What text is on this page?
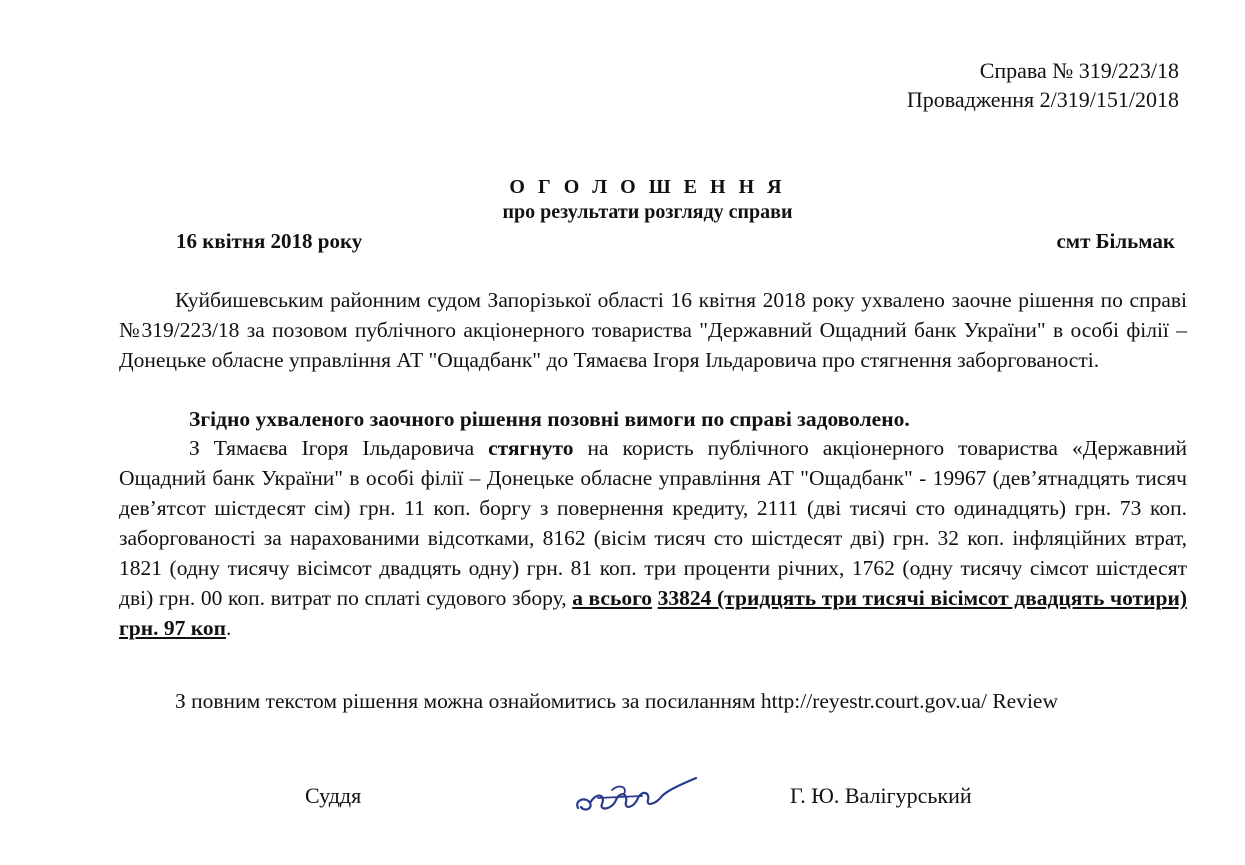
Справа № 319/223/18
Провадження 2/319/151/2018
О Г О Л О Ш Е Н Н Я
про результати розгляду справи
16 квітня 2018 року	смт Більмак
Куйбишевським районним судом Запорізької області 16 квітня 2018 року ухвалено заочне рішення по справі №319/223/18 за позовом публічного акціонерного товариства "Державний Ощадний банк України" в особі філії – Донецьке обласне управління АТ "Ощадбанк" до Тямаєва Ігоря Ільдаровича про стягнення заборгованості.
Згідно ухваленого заочного рішення позовні вимоги по справі задоволено.
З Тямаєва Ігоря Ільдаровича стягнуто на користь публічного акціонерного товариства «Державний Ощадний банк України" в особі філії – Донецьке обласне управління АТ "Ощадбанк" - 19967 (дев’ятнадцять тисяч дев’ятсот шістдесят сім) грн. 11 коп. боргу з повернення кредиту, 2111 (дві тисячі сто одинадцять) грн. 73 коп. заборгованості за нарахованими відсотками, 8162 (вісім тисяч сто шістдесят дві) грн. 32 коп. інфляційних втрат, 1821 (одну тисячу вісімсот двадцять одну) грн. 81 коп. три проценти річних, 1762 (одну тисячу сімсот шістдесят дві) грн. 00 коп. витрат по сплаті судового збору, а всього 33824 (тридцять три тисячі вісімсот двадцять чотири) грн. 97 коп.
З повним текстом рішення можна ознайомитись за посиланням http://reyestr.court.gov.ua/ Review
Суддя	Г. Ю. Валігурський
